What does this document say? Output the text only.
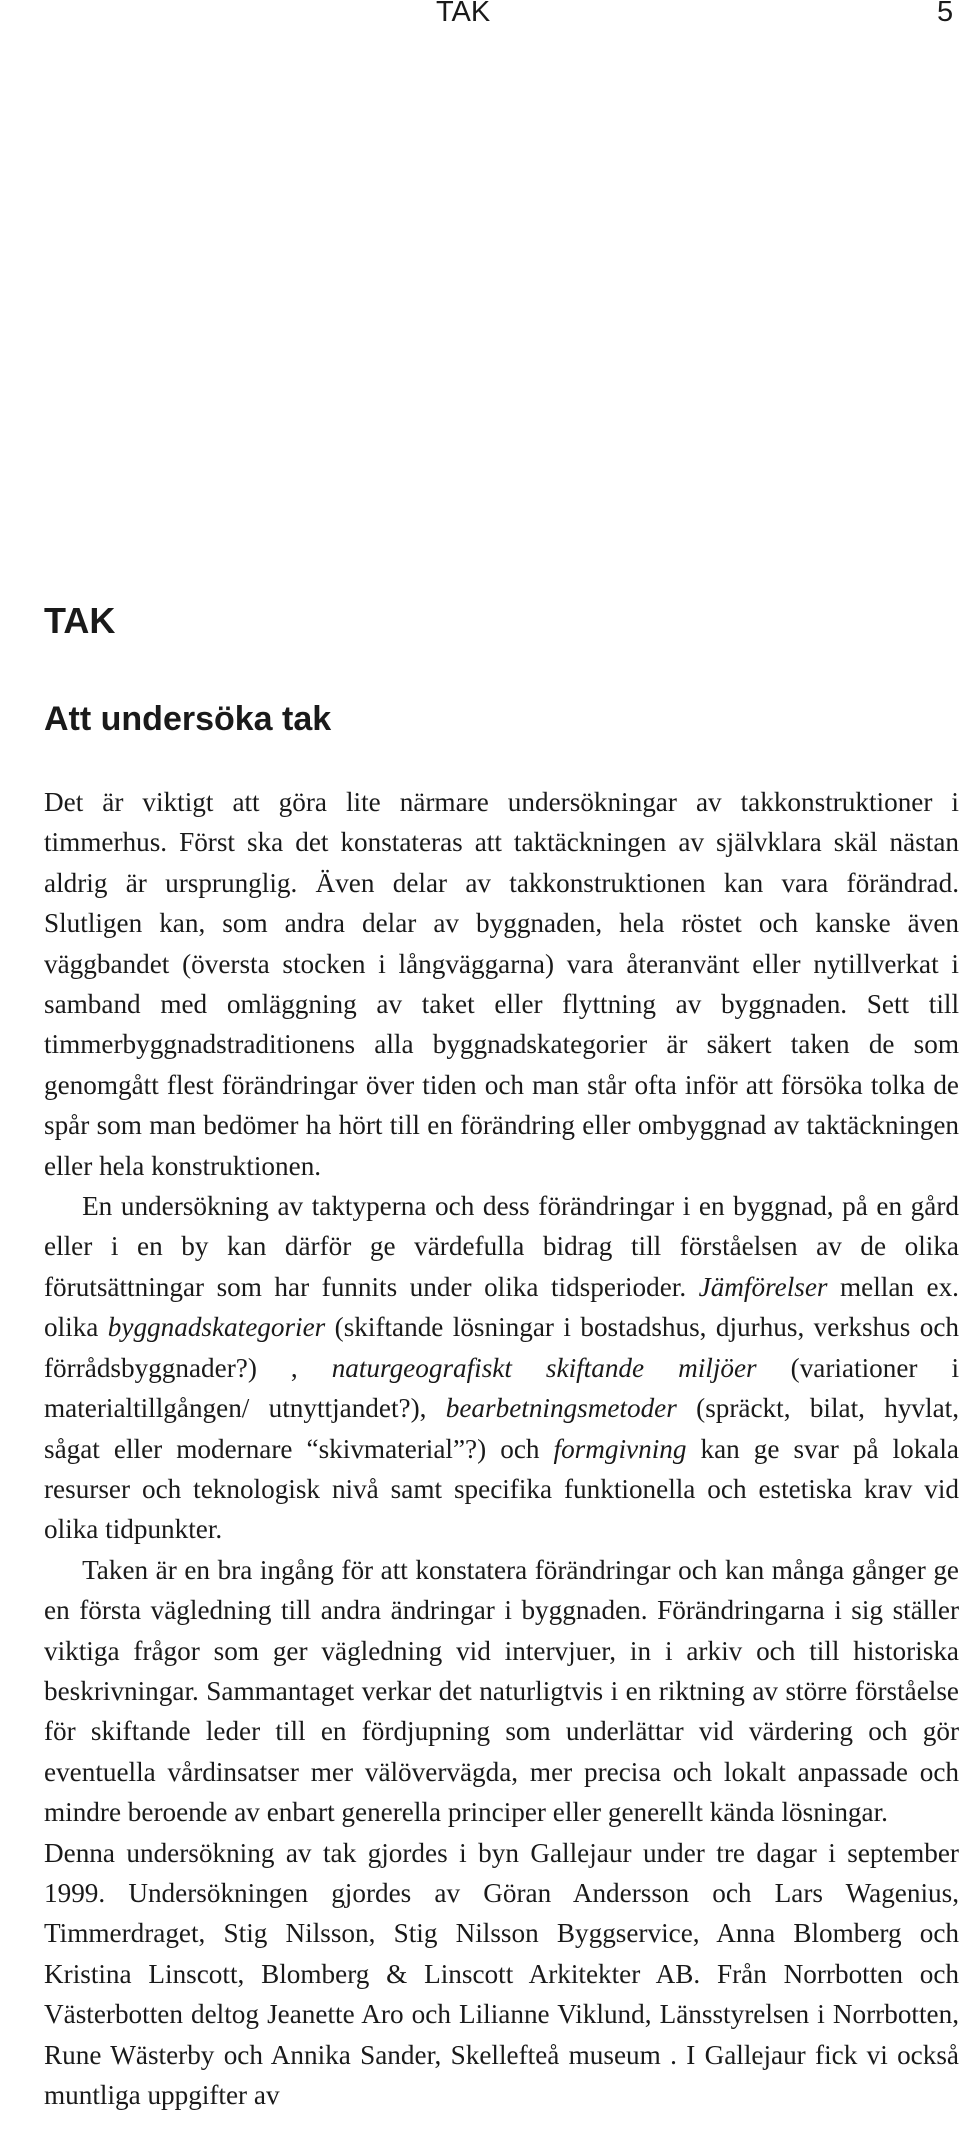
TAK	5
TAK
Att undersöka tak

Det är viktigt att göra lite närmare undersökningar av takkonstruktioner i timmerhus. Först ska det konstateras att taktäckningen av självklara skäl nästan aldrig är ursprunglig. Även delar av takkonstruktionen kan vara förändrad. Slutligen kan, som andra delar av byggnaden, hela röstet och kanske även väggbandet (översta stocken i långväggarna) vara återanvänt eller nytillverkat i samband med omläggning av taket eller flyttning av byggnaden. Sett till timmerbyggnadstraditionens alla byggnadskategorier är säkert taken de som genomgått flest förändringar över tiden och man står ofta inför att försöka tolka de spår som man bedömer ha hört till en förändring eller ombyggnad av taktäckningen eller hela konstruktionen.

En undersökning av taktyperna och dess förändringar i en byggnad, på en gård eller i en by kan därför ge värdefulla bidrag till förståelsen av de olika förutsättningar som har funnits under olika tidsperioder. Jämförelser mellan ex. olika byggnadskategorier (skiftande lösningar i bostadshus, djurhus, verkshus och förrådsbyggnader?) , naturgeografiskt skiftande miljöer (variationer i materialtillgången/ utnyttjandet?), bearbetningsmetoder (spräckt, bilat, hyvlat, sågat eller modernare “skivmaterial”?) och formgivning kan ge svar på lokala resurser och teknologisk nivå samt specifika funktionella och estetiska krav vid olika tidpunkter.

Taken är en bra ingång för att konstatera förändringar och kan många gånger ge en första vägledning till andra ändringar i byggnaden. Förändringarna i sig ställer viktiga frågor som ger vägledning vid intervjuer, in i arkiv och till historiska beskrivningar. Sammantaget verkar det naturligtvis i en riktning av större förståelse för skiftande leder till en fördjupning som underlättar vid värdering och gör eventuella vårdinsatser mer välövervägda, mer precisa och lokalt anpassade och mindre beroende av enbart generella principer eller generellt kända lösningar.

Denna undersökning av tak gjordes i byn Gallejaur under tre dagar i september 1999. Undersökningen gjordes av Göran Andersson och Lars Wagenius, Timmerdraget, Stig Nilsson, Stig Nilsson Byggservice, Anna Blomberg och Kristina Linscott, Blomberg & Linscott Arkitekter AB. Från Norrbotten och Västerbotten deltog Jeanette Aro och Lilianne Viklund, Länsstyrelsen i Norrbotten, Rune Wästerby och Annika Sander, Skellefteå museum . I Gallejaur fick vi också muntliga uppgifter av
